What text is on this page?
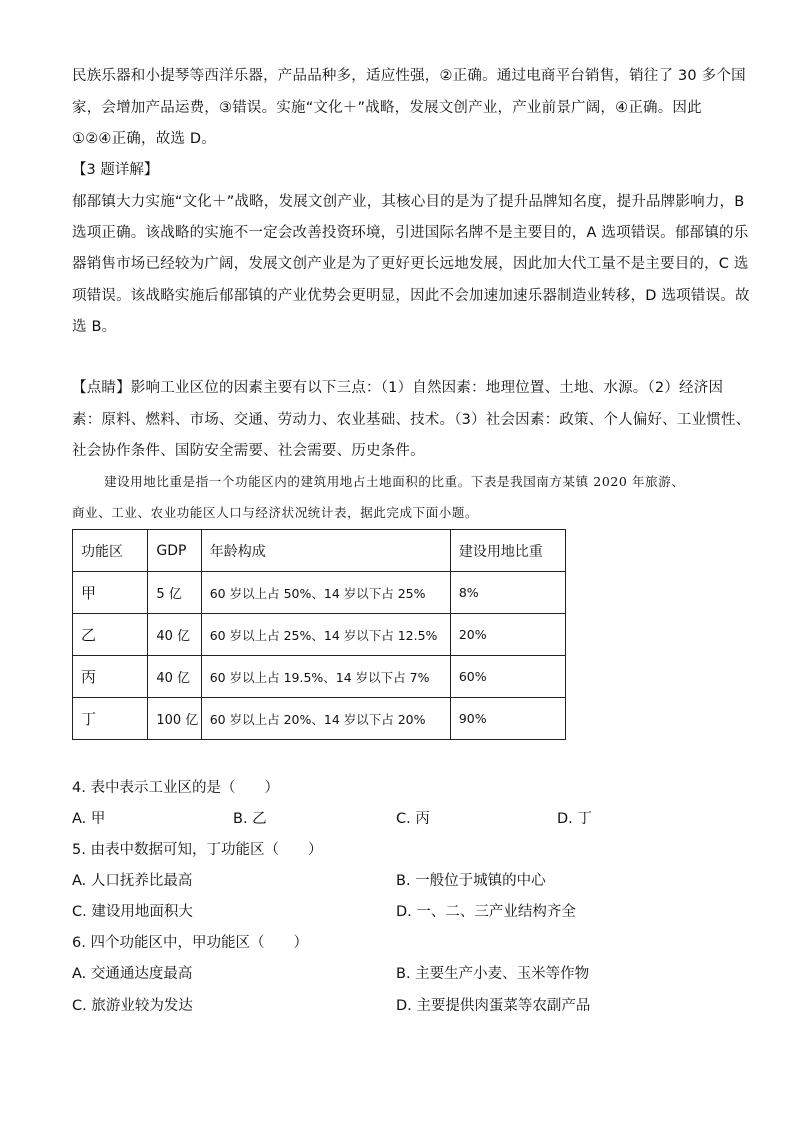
民族乐器和小提琴等西洋乐器，产品品种多，适应性强，②正确。通过电商平台销售，销往了 30 多个国
家，会增加产品运费，③错误。实施“文化＋”战略，发展文创产业，产业前景广阔，④正确。因此
①②④正确，故选 D。
【3 题详解】
郁郚镇大力实施“文化＋”战略，发展文创产业，其核心目的是为了提升品牌知名度，提升品牌影响力，B
选项正确。该战略的实施不一定会改善投资环境，引进国际名牌不是主要目的，A 选项错误。郁郚镇的乐
器销售市场已经较为广阔，发展文创产业是为了更好更长远地发展，因此加大代工量不是主要目的，C 选
项错误。该战略实施后郁郚镇的产业优势会更明显，因此不会加速加速乐器制造业转移，D 选项错误。故
选 B。
【点睛】影响工业区位的因素主要有以下三点：（1）自然因素：地理位置、土地、水源。（2）经济因
素：原料、燃料、市场、交通、劳动力、农业基础、技术。（3）社会因素：政策、个人偏好、工业惯性、
社会协作条件、国防安全需要、社会需要、历史条件。
建设用地比重是指一个功能区内的建筑用地占土地面积的比重。下表是我国南方某镇 2020 年旅游、
商业、工业、农业功能区人口与经济状况统计表，据此完成下面小题。
功能区	GDP	年龄构成	建设用地比重
甲	5 亿	60 岁以上占 50%、14 岁以下占 25%	8%
乙	40 亿	60 岁以上占 25%、14 岁以下占 12.5%	20%
丙	40 亿	60 岁以上占 19.5%、14 岁以下占 7%	60%
丁	100 亿	60 岁以上占 20%、14 岁以下占 20%	90%
4. 表中表示工业区的是（　　）
A. 甲	B. 乙	C. 丙	D. 丁
5. 由表中数据可知，丁功能区（　　）
A. 人口抚养比最高	B. 一般位于城镇的中心
C. 建设用地面积大	D. 一、二、三产业结构齐全
6. 四个功能区中，甲功能区（　　）
A. 交通通达度最高	B. 主要生产小麦、玉米等作物
C. 旅游业较为发达	D. 主要提供肉蛋菜等农副产品
